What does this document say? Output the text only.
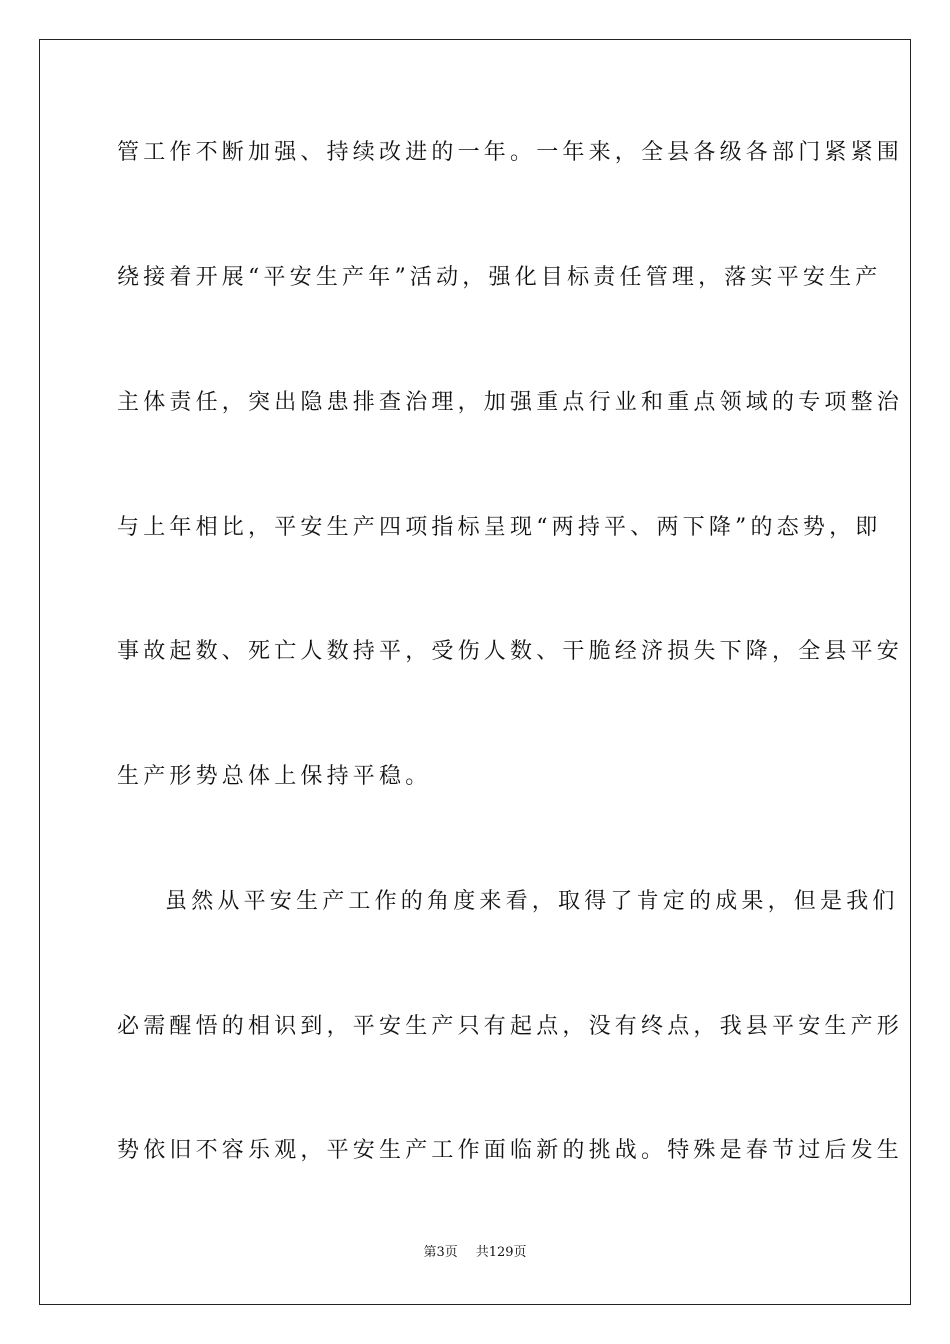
管工作不断加强、持续改进的一年。一年来，全县各级各部门紧紧围
绕接着开展“平安生产年”活动，强化目标责任管理，落实平安生产
主体责任，突出隐患排查治理，加强重点行业和重点领域的专项整治
与上年相比，平安生产四项指标呈现“两持平、两下降”的态势，即
事故起数、死亡人数持平，受伤人数、干脆经济损失下降，全县平安
生产形势总体上保持平稳。
虽然从平安生产工作的角度来看，取得了肯定的成果，但是我们
必需醒悟的相识到，平安生产只有起点，没有终点，我县平安生产形
势依旧不容乐观，平安生产工作面临新的挑战。特殊是春节过后发生
第3页 共129页
